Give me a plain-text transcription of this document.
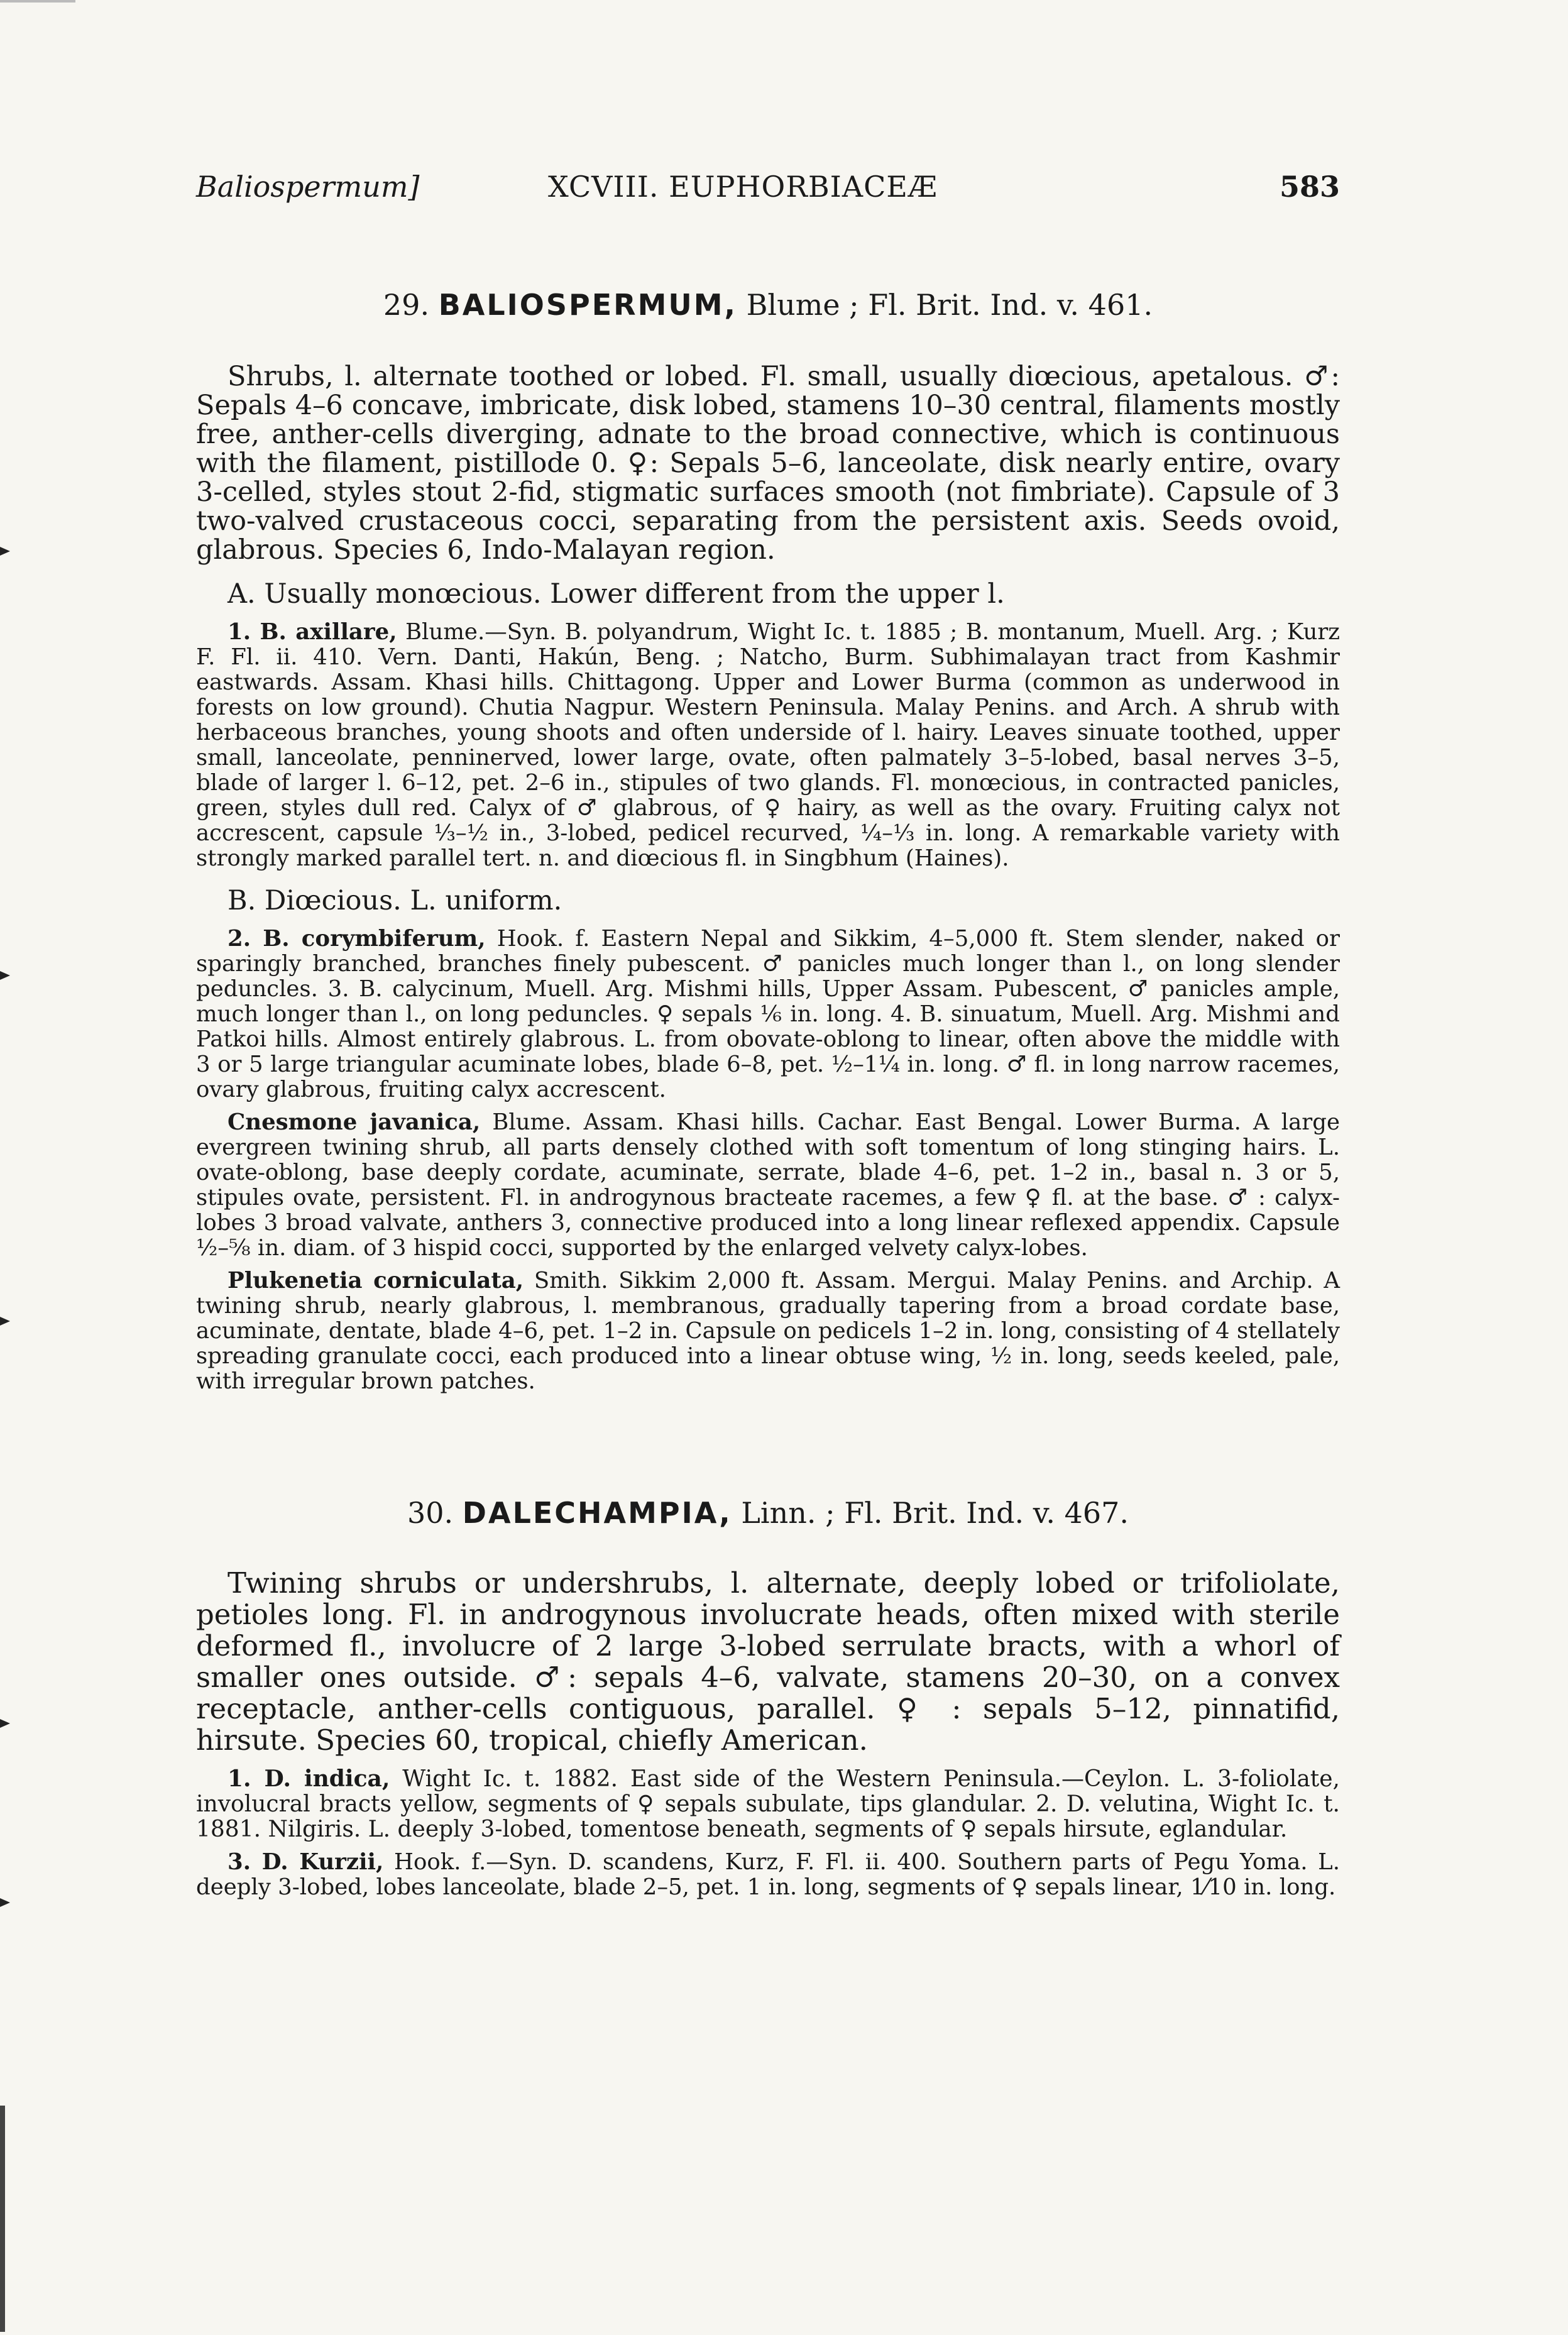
Baliospermum]	XCVIII. EUPHORBIACEÆ	583
29. BALIOSPERMUM, Blume ; Fl. Brit. Ind. v. 461.

Shrubs, l. alternate toothed or lobed. Fl. small, usually diœcious, apetalous. ♂: Sepals 4–6 concave, imbricate, disk lobed, stamens 10–30 central, filaments mostly free, anther-cells diverging, adnate to the broad connective, which is continuous with the filament, pistillode 0. ♀: Sepals 5–6, lanceolate, disk nearly entire, ovary 3-celled, styles stout 2-fid, stigmatic surfaces smooth (not fimbriate). Capsule of 3 two-valved crustaceous cocci, separating from the persistent axis. Seeds ovoid, glabrous. Species 6, Indo-Malayan region.

A. Usually monœcious. Lower different from the upper l.

1. B. axillare, Blume.—Syn. B. polyandrum, Wight Ic. t. 1885 ; B. montanum, Muell. Arg. ; Kurz F. Fl. ii. 410. Vern. Danti, Hakún, Beng. ; Natcho, Burm. Subhimalayan tract from Kashmir eastwards. Assam. Khasi hills. Chittagong. Upper and Lower Burma (common as underwood in forests on low ground). Chutia Nagpur. Western Peninsula. Malay Penins. and Arch. A shrub with herbaceous branches, young shoots and often underside of l. hairy. Leaves sinuate toothed, upper small, lanceolate, penninerved, lower large, ovate, often palmately 3–5-lobed, basal nerves 3–5, blade of larger l. 6–12, pet. 2–6 in., stipules of two glands. Fl. monœcious, in contracted panicles, green, styles dull red. Calyx of ♂ glabrous, of ♀ hairy, as well as the ovary. Fruiting calyx not accrescent, capsule ⅓–½ in., 3-lobed, pedicel recurved, ¼–⅓ in. long. A remarkable variety with strongly marked parallel tert. n. and diœcious fl. in Singbhum (Haines).

B. Diœcious. L. uniform.

2. B. corymbiferum, Hook. f. Eastern Nepal and Sikkim, 4–5,000 ft. Stem slender, naked or sparingly branched, branches finely pubescent. ♂ panicles much longer than l., on long slender peduncles. 3. B. calycinum, Muell. Arg. Mishmi hills, Upper Assam. Pubescent, ♂ panicles ample, much longer than l., on long peduncles. ♀ sepals ⅙ in. long. 4. B. sinuatum, Muell. Arg. Mishmi and Patkoi hills. Almost entirely glabrous. L. from obovate-oblong to linear, often above the middle with 3 or 5 large triangular acuminate lobes, blade 6–8, pet. ½–1¼ in. long. ♂ fl. in long narrow racemes, ovary glabrous, fruiting calyx accrescent.

Cnesmone javanica, Blume. Assam. Khasi hills. Cachar. East Bengal. Lower Burma. A large evergreen twining shrub, all parts densely clothed with soft tomentum of long stinging hairs. L. ovate-oblong, base deeply cordate, acuminate, serrate, blade 4–6, pet. 1–2 in., basal n. 3 or 5, stipules ovate, persistent. Fl. in androgynous bracteate racemes, a few ♀ fl. at the base. ♂ : calyx-lobes 3 broad valvate, anthers 3, connective produced into a long linear reflexed appendix. Capsule ½–⅝ in. diam. of 3 hispid cocci, supported by the enlarged velvety calyx-lobes.

Plukenetia corniculata, Smith. Sikkim 2,000 ft. Assam. Mergui. Malay Penins. and Archip. A twining shrub, nearly glabrous, l. membranous, gradually tapering from a broad cordate base, acuminate, dentate, blade 4–6, pet. 1–2 in. Capsule on pedicels 1–2 in. long, consisting of 4 stellately spreading granulate cocci, each produced into a linear obtuse wing, ½ in. long, seeds keeled, pale, with irregular brown patches.

30. DALECHAMPIA, Linn. ; Fl. Brit. Ind. v. 467.

Twining shrubs or undershrubs, l. alternate, deeply lobed or trifoliolate, petioles long. Fl. in androgynous involucrate heads, often mixed with sterile deformed fl., involucre of 2 large 3-lobed serrulate bracts, with a whorl of smaller ones outside. ♂: sepals 4–6, valvate, stamens 20–30, on a convex receptacle, anther-cells contiguous, parallel. ♀ : sepals 5–12, pinnatifid, hirsute. Species 60, tropical, chiefly American.

1. D. indica, Wight Ic. t. 1882. East side of the Western Peninsula.—Ceylon. L. 3-foliolate, involucral bracts yellow, segments of ♀ sepals subulate, tips glandular. 2. D. velutina, Wight Ic. t. 1881. Nilgiris. L. deeply 3-lobed, tomentose beneath, segments of ♀ sepals hirsute, eglandular.

3. D. Kurzii, Hook. f.—Syn. D. scandens, Kurz, F. Fl. ii. 400. Southern parts of Pegu Yoma. L. deeply 3-lobed, lobes lanceolate, blade 2–5, pet. 1 in. long, segments of ♀ sepals linear, 1⁄10 in. long.
